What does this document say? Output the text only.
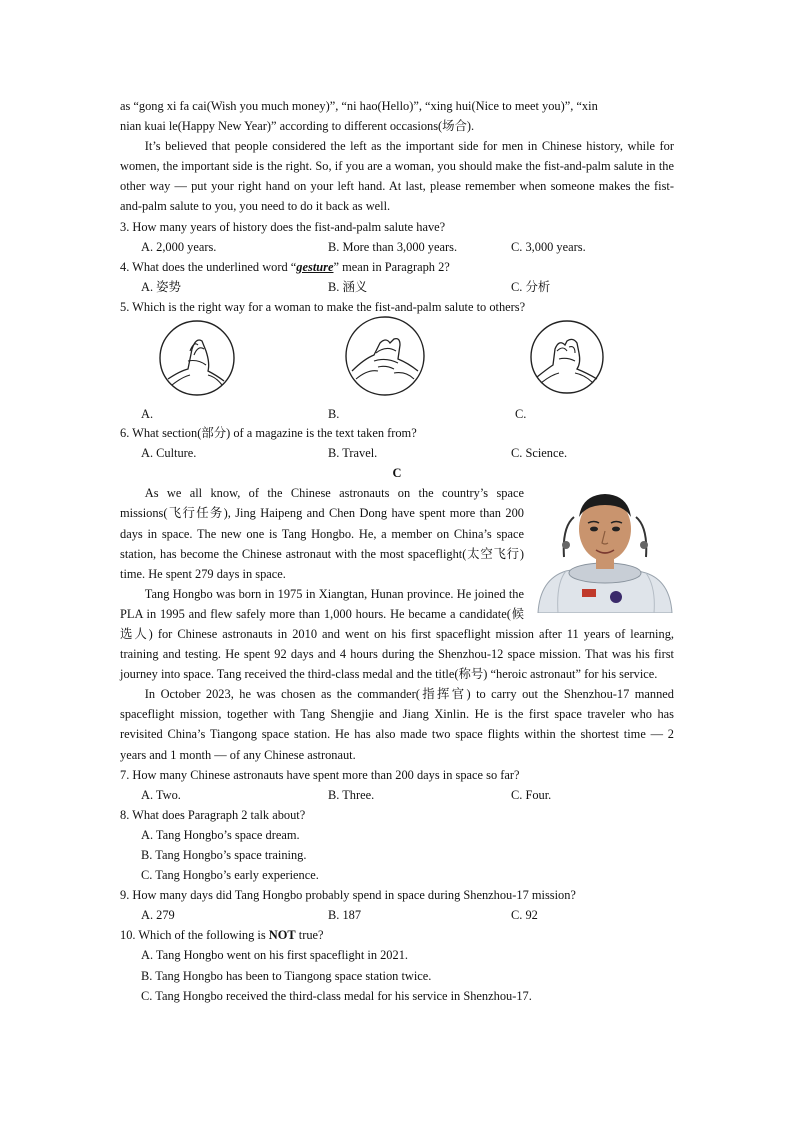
as “gong xi fa cai(Wish you much money)”, “ni hao(Hello)”, “xing hui(Nice to meet you)”, “xin
nian kuai le(Happy New Year)” according to different occasions(场合).

It’s believed that people considered the left as the important side for men in Chinese history, while for women, the important side is the right. So, if you are a woman, you should make the fist-and-palm salute in the other way — put your right hand on your left hand. At last, please remember when someone makes the fist-and-palm salute to you, you need to do it back as well.

3. How many years of history does the fist-and-palm salute have?

A. 2,000 years.	B. More than 3,000 years.	C. 3,000 years.

4. What does the underlined word “gesture” mean in Paragraph 2?

A. 姿势	B. 涵义	C. 分析

5. Which is the right way for a woman to make the fist-and-palm salute to others?

A.	B.	C.

6. What section(部分) of a magazine is the text taken from?

A. Culture.	B. Travel.	C. Science.

C

As we all know, of the Chinese astronauts on the country’s space missions(飞行任务), Jing Haipeng and Chen Dong have spent more than 200 days in space. The new one is Tang Hongbo. He, a member on China’s space station, has become the Chinese astronaut with the most spaceflight(太空飞行) time. He spent 279 days in space.

Tang Hongbo was born in 1975 in Xiangtan, Hunan province. He joined the PLA in 1995 and flew safely more than 1,000 hours. He became a candidate(候选人) for Chinese astronauts in 2010 and went on his first spaceflight mission after 11 years of learning, training and testing. He spent 92 days and 4 hours during the Shenzhou-12 space mission. That was his first journey into space. Tang received the third-class medal and the title(称号) “heroic astronaut” for his service.

In October 2023, he was chosen as the commander(指挥官) to carry out the Shenzhou-17 manned spaceflight mission, together with Tang Shengjie and Jiang Xinlin. He is the first space traveler who has revisited China’s Tiangong space station. He has also made two space flights within the shortest time — 2 years and 1 month — of any Chinese astronaut.

7. How many Chinese astronauts have spent more than 200 days in space so far?

A. Two.	B. Three.	C. Four.

8. What does Paragraph 2 talk about?

A. Tang Hongbo’s space dream.

B. Tang Hongbo’s space training.

C. Tang Hongbo’s early experience.

9. How many days did Tang Hongbo probably spend in space during Shenzhou-17 mission?

A. 279	B. 187	C. 92

10. Which of the following is NOT true?

A. Tang Hongbo went on his first spaceflight in 2021.

B. Tang Hongbo has been to Tiangong space station twice.

C. Tang Hongbo received the third-class medal for his service in Shenzhou-17.
